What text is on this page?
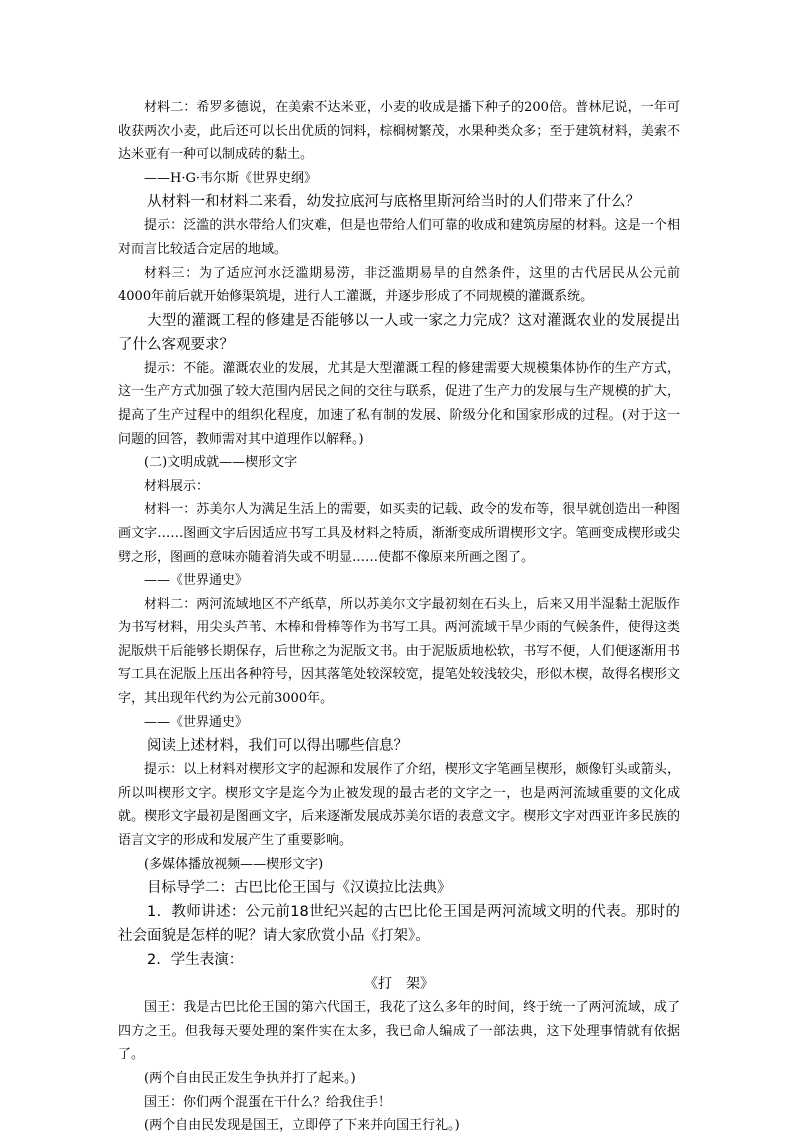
材料二：希罗多德说，在美索不达米亚，小麦的收成是播下种子的200倍。普林尼说，一年可收获两次小麦，此后还可以长出优质的饲料，棕榈树繁茂，水果种类众多；至于建筑材料，美索不达米亚有一种可以制成砖的黏土。

——H·G·韦尔斯《世界史纲》

从材料一和材料二来看，幼发拉底河与底格里斯河给当时的人们带来了什么？

提示：泛滥的洪水带给人们灾难，但是也带给人们可靠的收成和建筑房屋的材料。这是一个相对而言比较适合定居的地域。

材料三：为了适应河水泛滥期易涝，非泛滥期易旱的自然条件，这里的古代居民从公元前4000年前后就开始修渠筑堤，进行人工灌溉，并逐步形成了不同规模的灌溉系统。

大型的灌溉工程的修建是否能够以一人或一家之力完成？这对灌溉农业的发展提出了什么客观要求？

提示：不能。灌溉农业的发展，尤其是大型灌溉工程的修建需要大规模集体协作的生产方式，这一生产方式加强了较大范围内居民之间的交往与联系，促进了生产力的发展与生产规模的扩大，提高了生产过程中的组织化程度，加速了私有制的发展、阶级分化和国家形成的过程。(对于这一问题的回答，教师需对其中道理作以解释。)

(二)文明成就——楔形文字

材料展示：

材料一：苏美尔人为满足生活上的需要，如买卖的记载、政令的发布等，很早就创造出一种图画文字……图画文字后因适应书写工具及材料之特质，渐渐变成所谓楔形文字。笔画变成楔形或尖劈之形，图画的意味亦随着消失或不明显……使都不像原来所画之图了。

——《世界通史》

材料二：两河流域地区不产纸草，所以苏美尔文字最初刻在石头上，后来又用半湿黏土泥版作为书写材料，用尖头芦苇、木棒和骨棒等作为书写工具。两河流域干旱少雨的气候条件，使得这类泥版烘干后能够长期保存，后世称之为泥版文书。由于泥版质地松软，书写不便，人们便逐渐用书写工具在泥版上压出各种符号，因其落笔处较深较宽，提笔处较浅较尖，形似木楔，故得名楔形文字，其出现年代约为公元前3000年。

——《世界通史》

阅读上述材料，我们可以得出哪些信息？

提示：以上材料对楔形文字的起源和发展作了介绍，楔形文字笔画呈楔形，颇像钉头或箭头，所以叫楔形文字。楔形文字是迄今为止被发现的最古老的文字之一，也是两河流域重要的文化成就。楔形文字最初是图画文字，后来逐渐发展成苏美尔语的表意文字。楔形文字对西亚许多民族的语言文字的形成和发展产生了重要影响。

(多媒体播放视频——楔形文字)

目标导学二：古巴比伦王国与《汉谟拉比法典》

1．教师讲述：公元前18世纪兴起的古巴比伦王国是两河流域文明的代表。那时的社会面貌是怎样的呢？请大家欣赏小品《打架》。

2．学生表演：

《打　架》

国王：我是古巴比伦王国的第六代国王，我花了这么多年的时间，终于统一了两河流域，成了四方之王。但我每天要处理的案件实在太多，我已命人编成了一部法典，这下处理事情就有依据了。

(两个自由民正发生争执并打了起来。)

国王：你们两个混蛋在干什么？给我住手！

(两个自由民发现是国王，立即停了下来并向国王行礼。)
